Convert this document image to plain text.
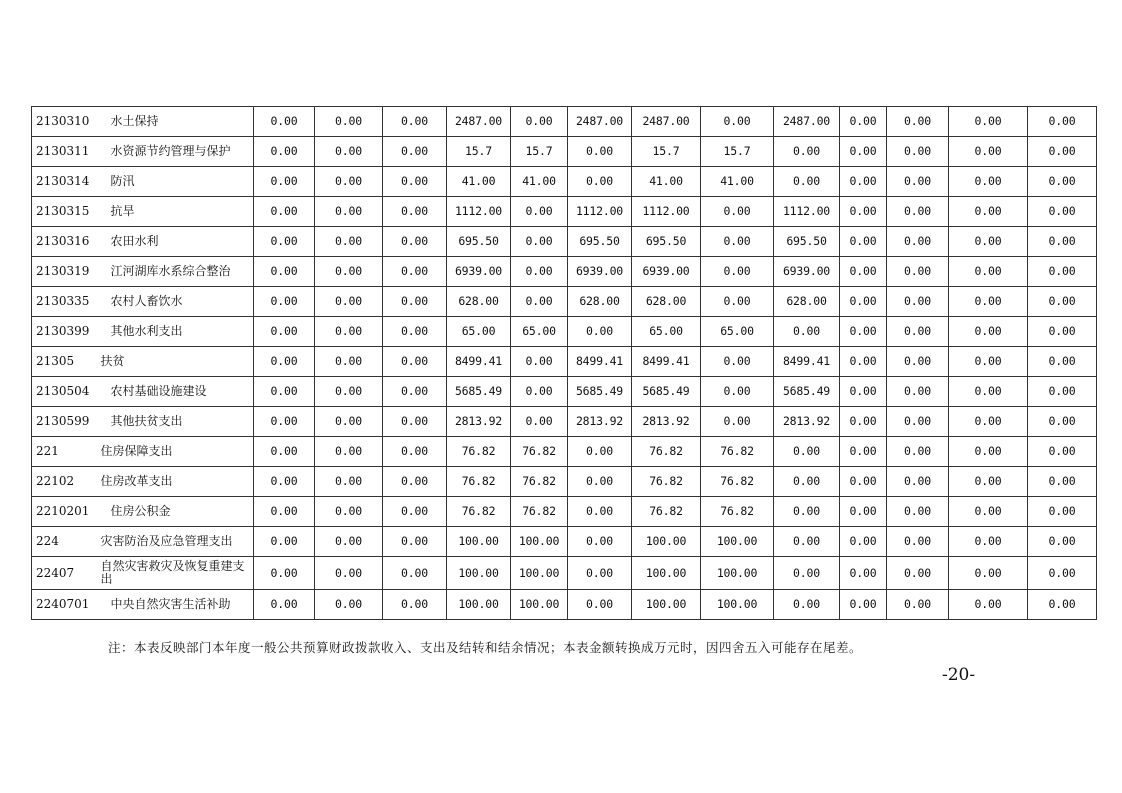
2130310	水土保持	0.00	0.00	0.00	2487.00	0.00	2487.00	2487.00	0.00	2487.00	0.00	0.00	0.00	0.00
2130311	水资源节约管理与保护	0.00	0.00	0.00	15.7	15.7	0.00	15.7	15.7	0.00	0.00	0.00	0.00	0.00
2130314	防汛	0.00	0.00	0.00	41.00	41.00	0.00	41.00	41.00	0.00	0.00	0.00	0.00	0.00
2130315	抗旱	0.00	0.00	0.00	1112.00	0.00	1112.00	1112.00	0.00	1112.00	0.00	0.00	0.00	0.00
2130316	农田水利	0.00	0.00	0.00	695.50	0.00	695.50	695.50	0.00	695.50	0.00	0.00	0.00	0.00
2130319	江河湖库水系综合整治	0.00	0.00	0.00	6939.00	0.00	6939.00	6939.00	0.00	6939.00	0.00	0.00	0.00	0.00
2130335	农村人畜饮水	0.00	0.00	0.00	628.00	0.00	628.00	628.00	0.00	628.00	0.00	0.00	0.00	0.00
2130399	其他水利支出	0.00	0.00	0.00	65.00	65.00	0.00	65.00	65.00	0.00	0.00	0.00	0.00	0.00
21305	扶贫	0.00	0.00	0.00	8499.41	0.00	8499.41	8499.41	0.00	8499.41	0.00	0.00	0.00	0.00
2130504	农村基础设施建设	0.00	0.00	0.00	5685.49	0.00	5685.49	5685.49	0.00	5685.49	0.00	0.00	0.00	0.00
2130599	其他扶贫支出	0.00	0.00	0.00	2813.92	0.00	2813.92	2813.92	0.00	2813.92	0.00	0.00	0.00	0.00
221	住房保障支出	0.00	0.00	0.00	76.82	76.82	0.00	76.82	76.82	0.00	0.00	0.00	0.00	0.00
22102	住房改革支出	0.00	0.00	0.00	76.82	76.82	0.00	76.82	76.82	0.00	0.00	0.00	0.00	0.00
2210201	住房公积金	0.00	0.00	0.00	76.82	76.82	0.00	76.82	76.82	0.00	0.00	0.00	0.00	0.00
224	灾害防治及应急管理支出	0.00	0.00	0.00	100.00	100.00	0.00	100.00	100.00	0.00	0.00	0.00	0.00	0.00
22407	自然灾害救灾及恢复重建支出	0.00	0.00	0.00	100.00	100.00	0.00	100.00	100.00	0.00	0.00	0.00	0.00	0.00
2240701	中央自然灾害生活补助	0.00	0.00	0.00	100.00	100.00	0.00	100.00	100.00	0.00	0.00	0.00	0.00	0.00
注：本表反映部门本年度一般公共预算财政拨款收入、支出及结转和结余情况；本表金额转换成万元时，因四舍五入可能存在尾差。
-20-
